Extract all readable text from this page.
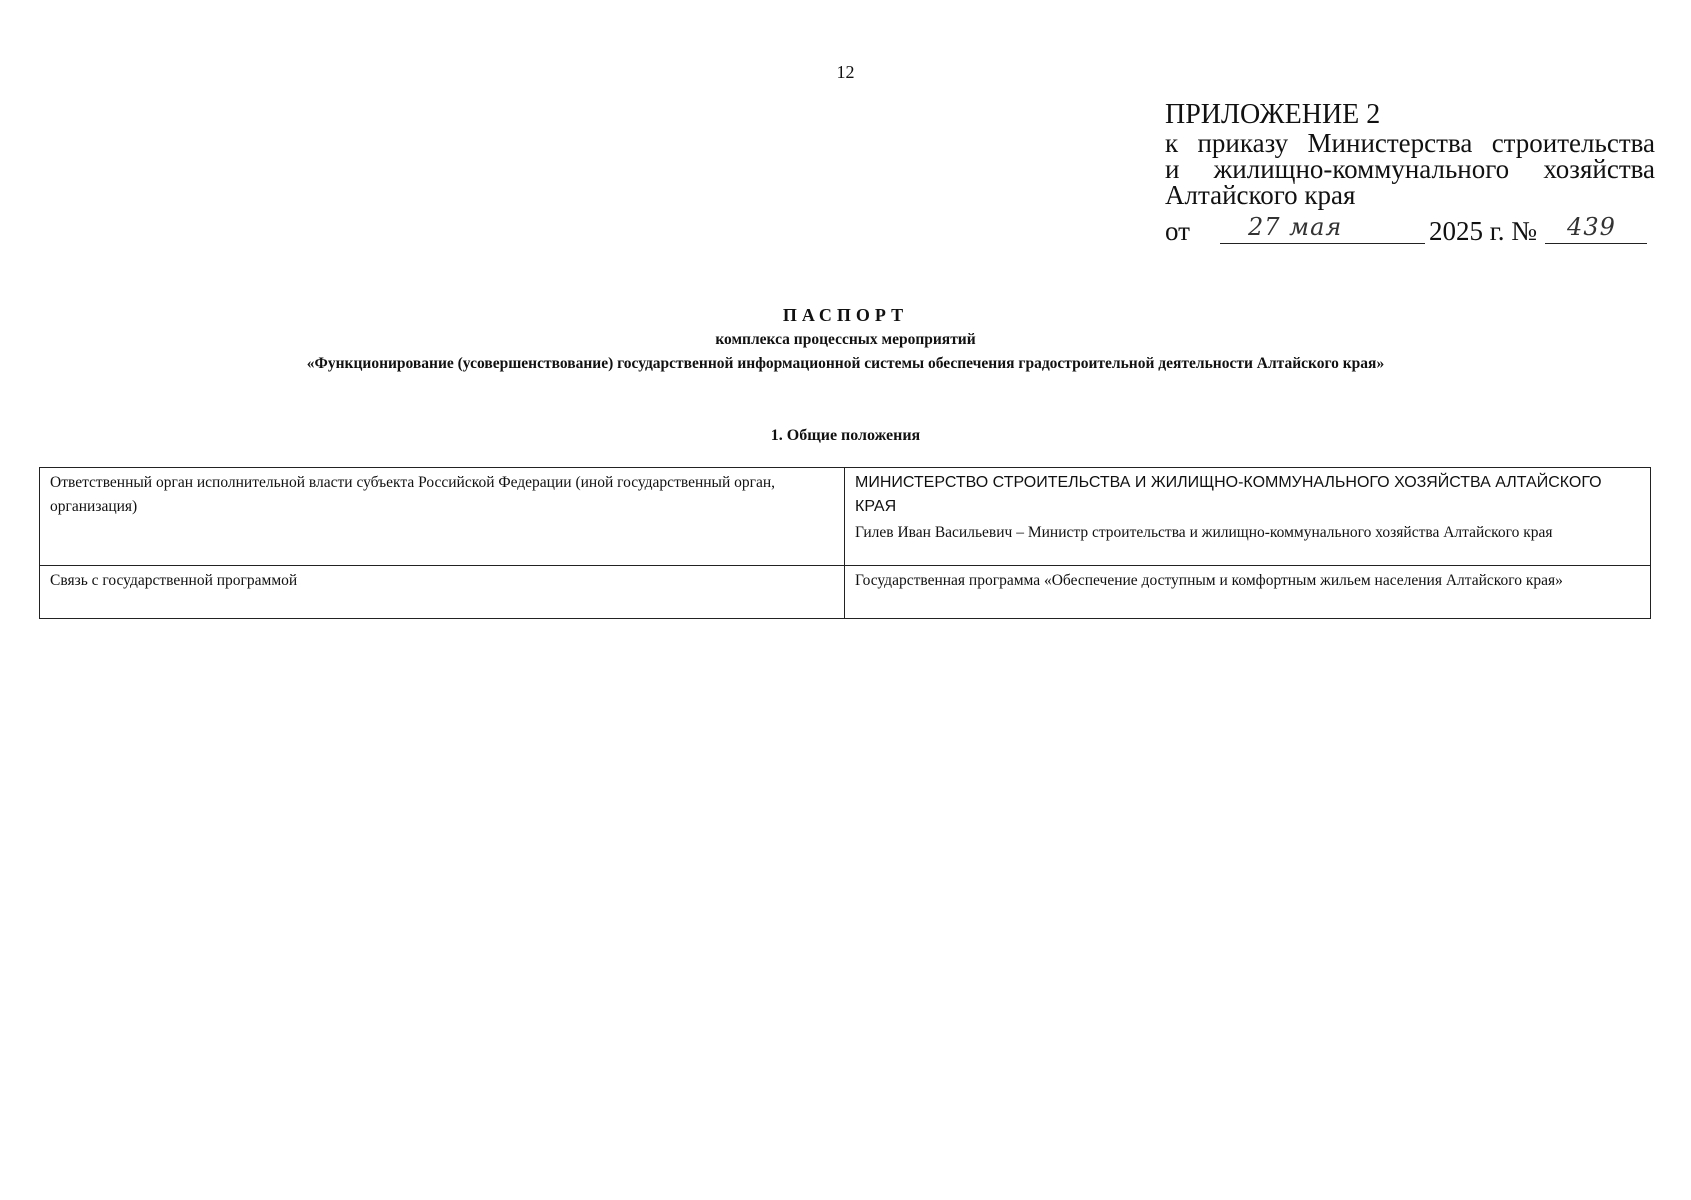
12
ПРИЛОЖЕНИЕ 2
к приказу Министерства строительства
и жилищно-коммунального хозяйства
Алтайского края
от	27 мая	2025 г. №	439
ПАСПОРТ
комплекса процессных мероприятий
«Функционирование (усовершенствование) государственной информационной системы обеспечения градостроительной деятельности Алтайского края»
1. Общие положения
Ответственный орган исполнительной власти субъекта Российской Федерации (иной государственный орган, организация)	МИНИСТЕРСТВО СТРОИТЕЛЬСТВА И ЖИЛИЩНО-КОММУНАЛЬНОГО ХОЗЯЙСТВА АЛТАЙСКОГО КРАЯ
Гилев Иван Васильевич – Министр строительства и жилищно-коммунального хозяйства Алтайского края

Связь с государственной программой	Государственная программа «Обеспечение доступным и комфортным жильем населения Алтайского края»
